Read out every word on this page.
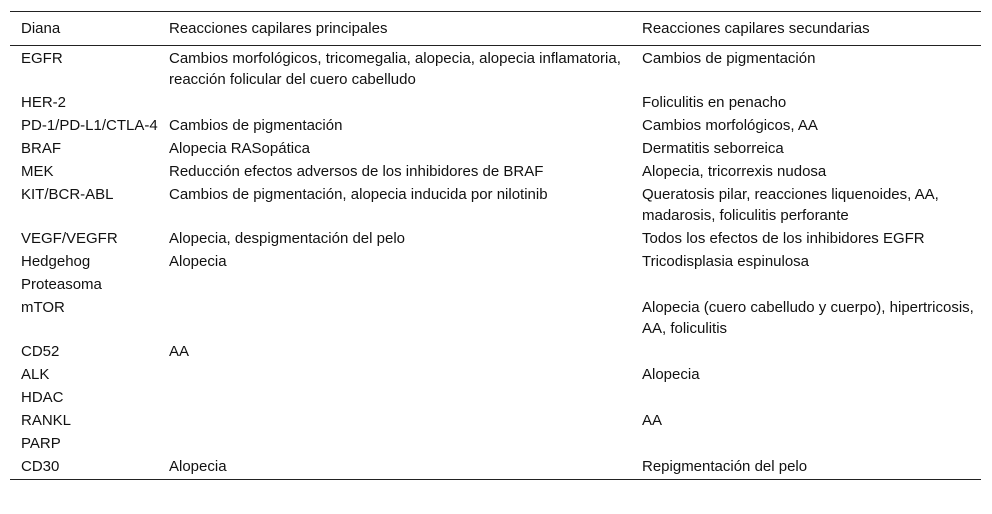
Diana	Reacciones capilares principales	Reacciones capilares secundarias
EGFR	Cambios morfológicos, tricomegalia, alopecia, alopecia inflamatoria, reacción folicular del cuero cabelludo	Cambios de pigmentación
HER-2		Foliculitis en penacho
PD-1/PD-L1/CTLA-4	Cambios de pigmentación	Cambios morfológicos, AA
BRAF	Alopecia RASopática	Dermatitis seborreica
MEK	Reducción efectos adversos de los inhibidores de BRAF	Alopecia, tricorrexis nudosa
KIT/BCR-ABL	Cambios de pigmentación, alopecia inducida por nilotinib	Queratosis pilar, reacciones liquenoides, AA, madarosis, foliculitis perforante
VEGF/VEGFR	Alopecia, despigmentación del pelo	Todos los efectos de los inhibidores EGFR
Hedgehog	Alopecia	Tricodisplasia espinulosa
Proteasoma		
mTOR		Alopecia (cuero cabelludo y cuerpo), hipertricosis, AA, foliculitis
CD52	AA	
ALK		Alopecia
HDAC		
RANKL		AA
PARP		
CD30	Alopecia	Repigmentación del pelo
